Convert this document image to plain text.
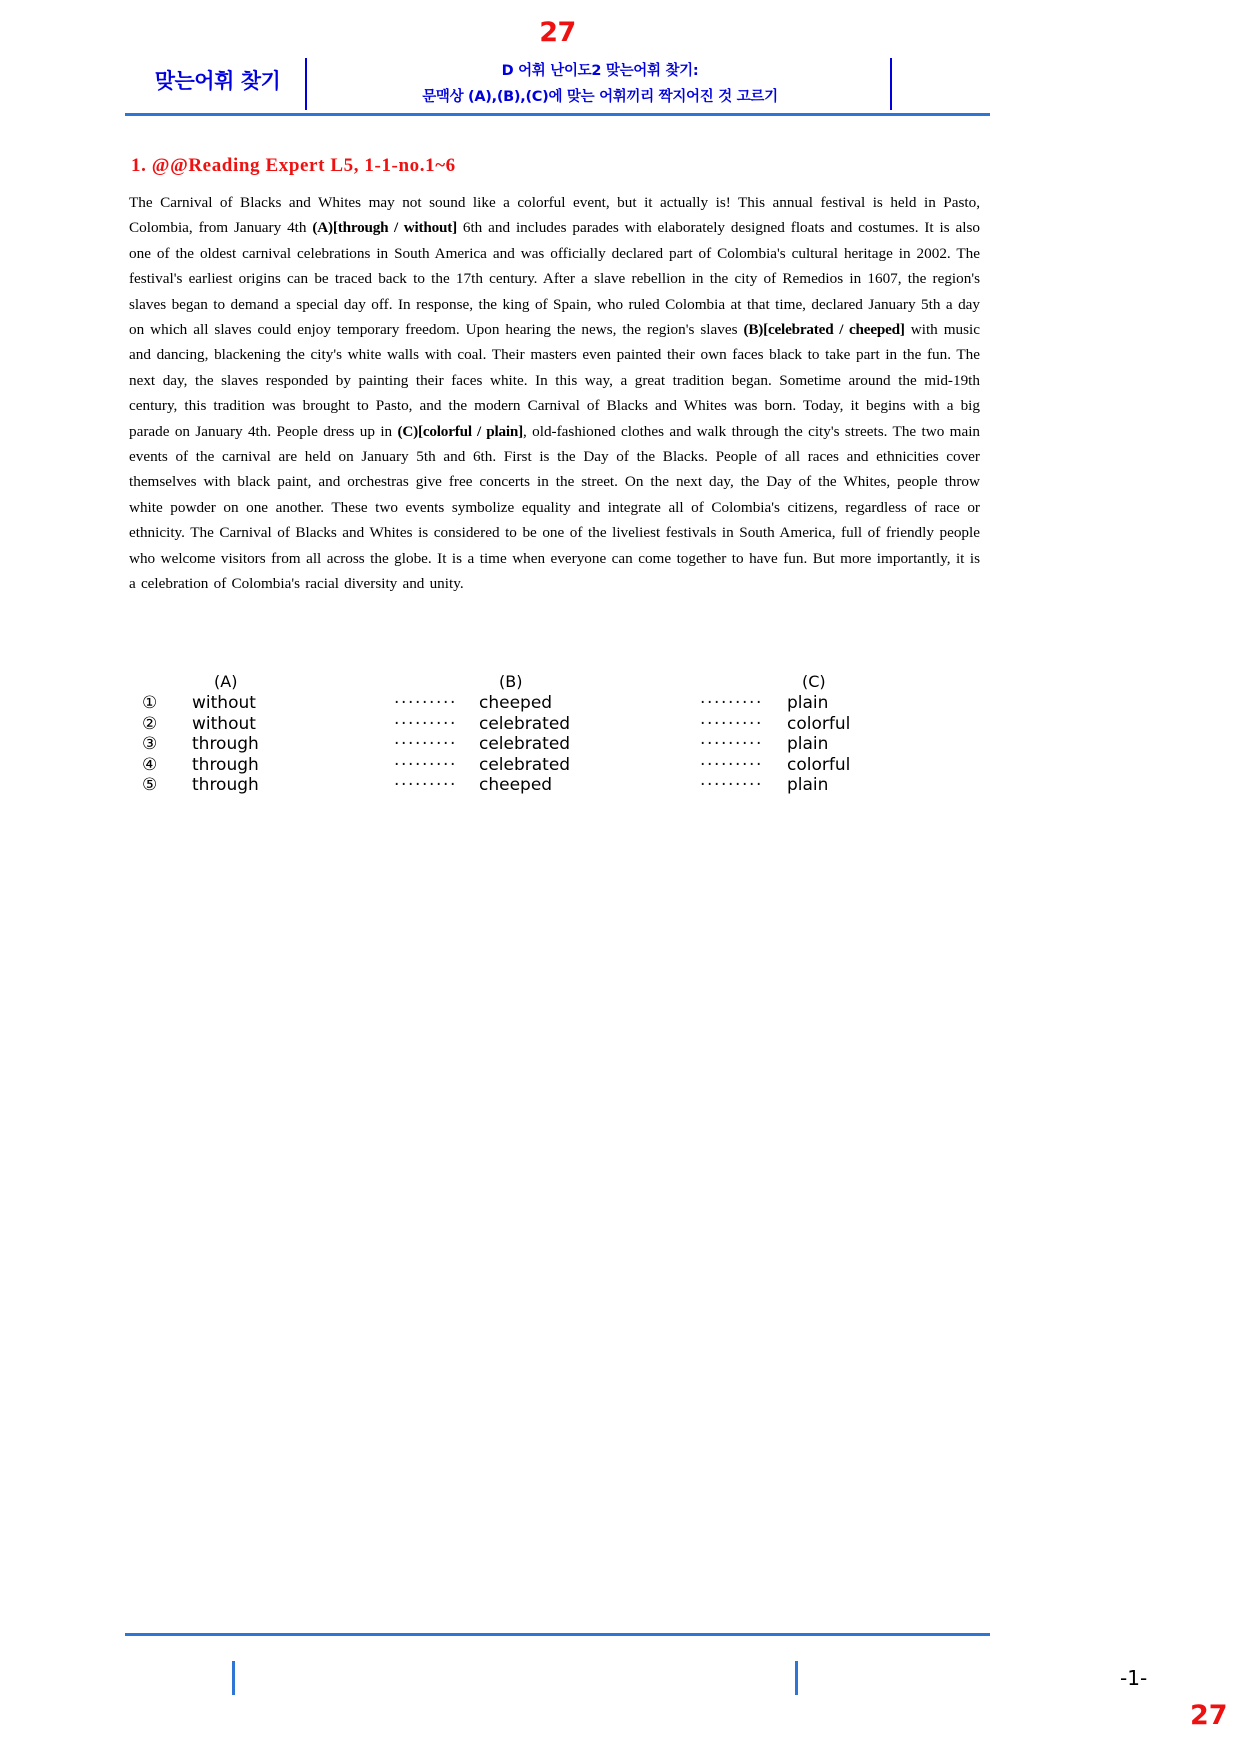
27
맞는어휘 찾기	D 어휘 난이도2 맞는어휘 찾기:
문맥상 (A),(B),(C)에 맞는 어휘끼리 짝지어진 것 고르기
1. @@Reading Expert L5, 1-1-no.1~6
The Carnival of Blacks and Whites may not sound like a colorful event, but it actually is! This annual festival is held in Pasto, Colombia, from January 4th (A)[through / without] 6th and includes parades with elaborately designed floats and costumes. It is also one of the oldest carnival celebrations in South America and was officially declared part of Colombia's cultural heritage in 2002. The festival's earliest origins can be traced back to the 17th century. After a slave rebellion in the city of Remedios in 1607, the region's slaves began to demand a special day off. In response, the king of Spain, who ruled Colombia at that time, declared January 5th a day on which all slaves could enjoy temporary freedom. Upon hearing the news, the region's slaves (B)[celebrated / cheeped] with music and dancing, blackening the city's white walls with coal. Their masters even painted their own faces black to take part in the fun. The next day, the slaves responded by painting their faces white. In this way, a great tradition began. Sometime around the mid-19th century, this tradition was brought to Pasto, and the modern Carnival of Blacks and Whites was born. Today, it begins with a big parade on January 4th. People dress up in (C)[colorful / plain], old-fashioned clothes and walk through the city's streets. The two main events of the carnival are held on January 5th and 6th. First is the Day of the Blacks. People of all races and ethnicities cover themselves with black paint, and orchestras give free concerts in the street. On the next day, the Day of the Whites, people throw white powder on one another. These two events symbolize equality and integrate all of Colombia's citizens, regardless of race or ethnicity. The Carnival of Blacks and Whites is considered to be one of the liveliest festivals in South America, full of friendly people who welcome visitors from all across the globe. It is a time when everyone can come together to have fun. But more importantly, it is a celebration of Colombia's racial diversity and unity.
(A)	(B)	(C)
① without	········· cheeped	········· plain
② without	········· celebrated	········· colorful
③ through	········· celebrated	········· plain
④ through	········· celebrated	········· colorful
⑤ through	········· cheeped	········· plain
-1-
27
